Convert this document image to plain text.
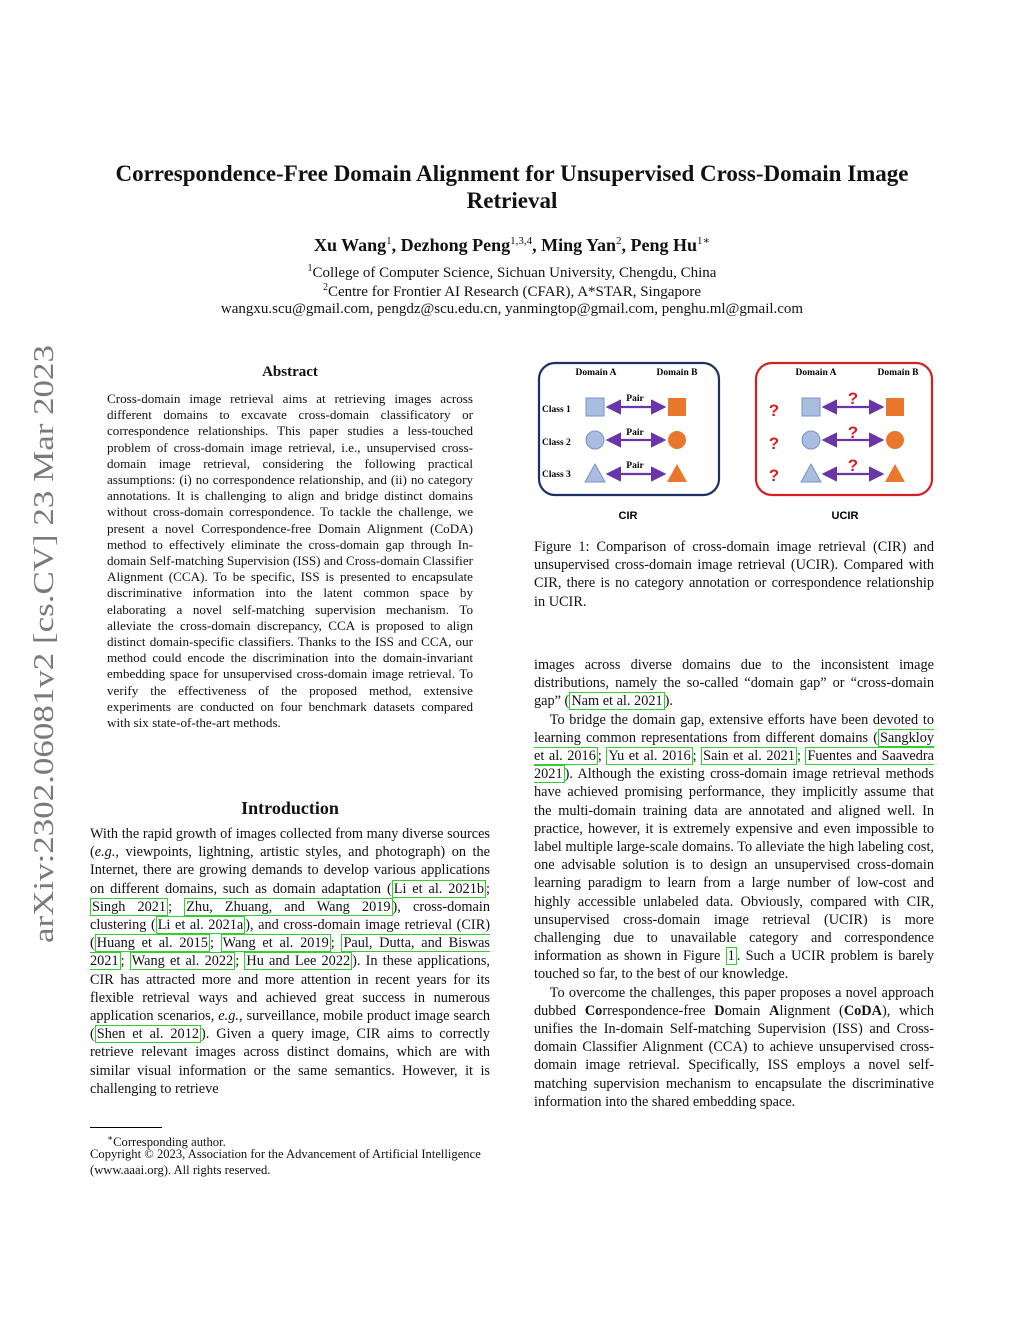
arXiv:2302.06081v2 [cs.CV] 23 Mar 2023
Correspondence-Free Domain Alignment for Unsupervised Cross-Domain Image
Retrieval
Xu Wang$^1$, Dezhong Peng$^{1,3,4}$, Ming Yan$^2$, Peng $Hu^{1∗}$
$^1$College of Computer Science, Sichuan University, Chengdu, China
$^2$Centre for Frontier AI Research (CFAR), A*STAR, Singapore
wangxu.scu@gmail.com, pengdz@scu.edu.cn, yanmingtop@gmail.com, penghu.ml@gmail.com
Abstract
Cross-domain image retrieval aims at retrieving images across different domains to excavate cross-domain classificatory or correspondence relationships. This paper studies a less-touched problem of cross-domain image retrieval, i.e., unsupervised cross-domain image retrieval, considering the following practical assumptions: (i) no correspondence relationship, and (ii) no category annotations. It is challenging to align and bridge distinct domains without cross-domain correspondence. To tackle the challenge, we present a novel Correspondence-free Domain Alignment (CoDA) method to effectively eliminate the cross-domain gap through In-domain Self-matching Supervision (ISS) and Cross-domain Classifier Alignment (CCA). To be specific, ISS is presented to encapsulate discriminative information into the latent common space by elaborating a novel self-matching supervision mechanism. To alleviate the cross-domain discrepancy, CCA is proposed to align distinct domain-specific classifiers. Thanks to the ISS and CCA, our method could encode the discrimination into the domain-invariant embedding space for unsupervised cross-domain image retrieval. To verify the effectiveness of the proposed method, extensive experiments are conducted on four benchmark datasets compared with six state-of-the-art methods.
Introduction

With the rapid growth of images collected from many diverse sources (e.g., viewpoints, lightning, artistic styles, and photograph) on the Internet, there are growing demands to develop various applications on different domains, such as domain adaptation ( Li et al. 2021b ; Singh 2021 ; Zhu, Zhuang, and Wang 2019 ), cross-domain clustering ( Li et al. 2021a ), and cross-domain image retrieval (CIR) ( Huang et al. 2015 ; Wang et al. 2019 ; Paul, Dutta, and Biswas 2021 ; Wang et al. 2022 ; Hu and Lee 2022 ). In these applications, CIR has attracted more and more attention in recent years for its flexible retrieval ways and achieved great success in numerous application scenarios, e.g., surveillance, mobile product image search ( Shen et al. 2012 ). Given a query image, CIR aims to correctly retrieve relevant images across distinct domains, which are with similar visual information or the same semantics. However, it is challenging to retrieve

∗Corresponding author.
Copyright © 2023, Association for the Advancement of Artificial Intelligence (www.aaai.org). All rights reserved.
Domain A	Domain B
Class 1
Class 2
Class 3
Pair
Pair
Pair
CIR
Domain A	Domain B
?
?
?
?
?
?
UCIR
Figure 1: Comparison of cross-domain image retrieval (CIR) and unsupervised cross-domain image retrieval (UCIR). Compared with CIR, there is no category annotation or correspondence relationship in UCIR.

images across diverse domains due to the inconsistent image distributions, namely the so-called “domain gap” or “cross-domain gap” ( Nam et al. 2021 ).

To bridge the domain gap, extensive efforts have been devoted to learning common representations from different domains ( Sangkloy et al. 2016 ; Yu et al. 2016 ; Sain et al. 2021 ; Fuentes and Saavedra 2021 ). Although the existing cross-domain image retrieval methods have achieved promising performance, they implicitly assume that the multi-domain training data are annotated and aligned well. In practice, however, it is extremely expensive and even impossible to label multiple large-scale domains. To alleviate the high labeling cost, one advisable solution is to design an unsupervised cross-domain learning paradigm to learn from a large number of low-cost and highly accessible unlabeled data. Obviously, compared with CIR, unsupervised cross-domain image retrieval (UCIR) is more challenging due to unavailable category and correspondence information as shown in Figure 1 . Such a UCIR problem is barely touched so far, to the best of our knowledge.

To overcome the challenges, this paper proposes a novel approach dubbed Correspondence-free Domain Alignment (CoDA), which unifies the In-domain Self-matching Supervision (ISS) and Cross-domain Classifier Alignment (CCA) to achieve unsupervised cross-domain image retrieval. Specifically, ISS employs a novel self-matching supervision mechanism to encapsulate the discriminative information into the shared embedding space.
